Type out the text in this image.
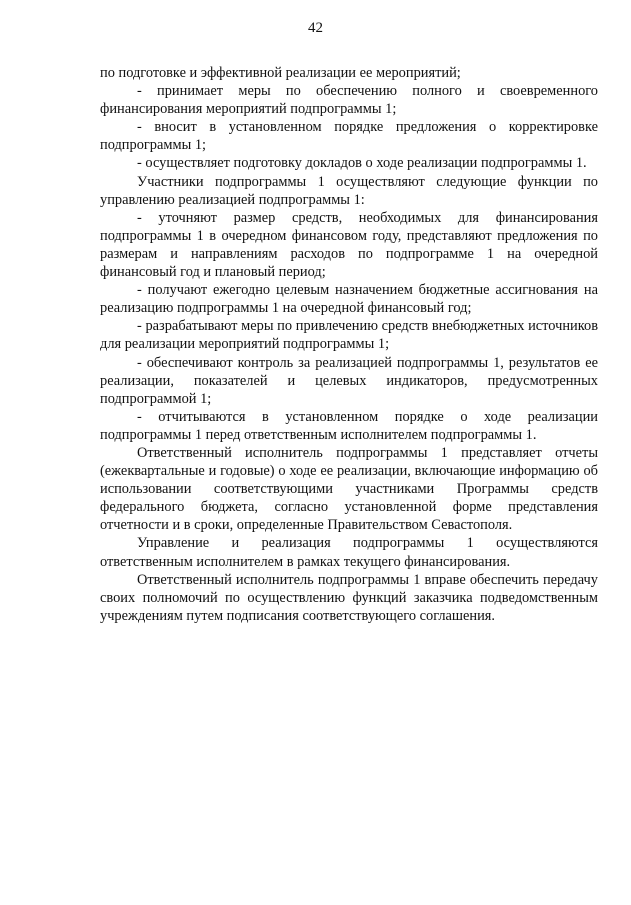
42

по подготовке и эффективной реализации ее мероприятий;

- принимает меры по обеспечению полного и своевременного финансирования мероприятий подпрограммы 1;

- вносит в установленном порядке предложения о корректировке подпрограммы 1;

- осуществляет подготовку докладов о ходе реализации подпрограммы 1.

Участники подпрограммы 1 осуществляют следующие функции по управлению реализацией подпрограммы 1:

- уточняют размер средств, необходимых для финансирования подпрограммы 1 в очередном финансовом году, представляют предложения по размерам и направлениям расходов по подпрограмме 1 на очередной финансовый год и плановый период;

- получают ежегодно целевым назначением бюджетные ассигнования на реализацию подпрограммы 1 на очередной финансовый год;

- разрабатывают меры по привлечению средств внебюджетных источников для реализации мероприятий подпрограммы 1;

- обеспечивают контроль за реализацией подпрограммы 1, результатов ее реализации, показателей и целевых индикаторов, предусмотренных подпрограммой 1;

- отчитываются в установленном порядке о ходе реализации подпрограммы 1 перед ответственным исполнителем подпрограммы 1.

Ответственный исполнитель подпрограммы 1 представляет отчеты (ежеквартальные и годовые) о ходе ее реализации, включающие информацию об использовании соответствующими участниками Программы средств федерального бюджета, согласно установленной форме представления отчетности и в сроки, определенные Правительством Севастополя.

Управление и реализация подпрограммы 1 осуществляются ответственным исполнителем в рамках текущего финансирования.

Ответственный исполнитель подпрограммы 1 вправе обеспечить передачу своих полномочий по осуществлению функций заказчика подведомственным учреждениям путем подписания соответствующего соглашения.
